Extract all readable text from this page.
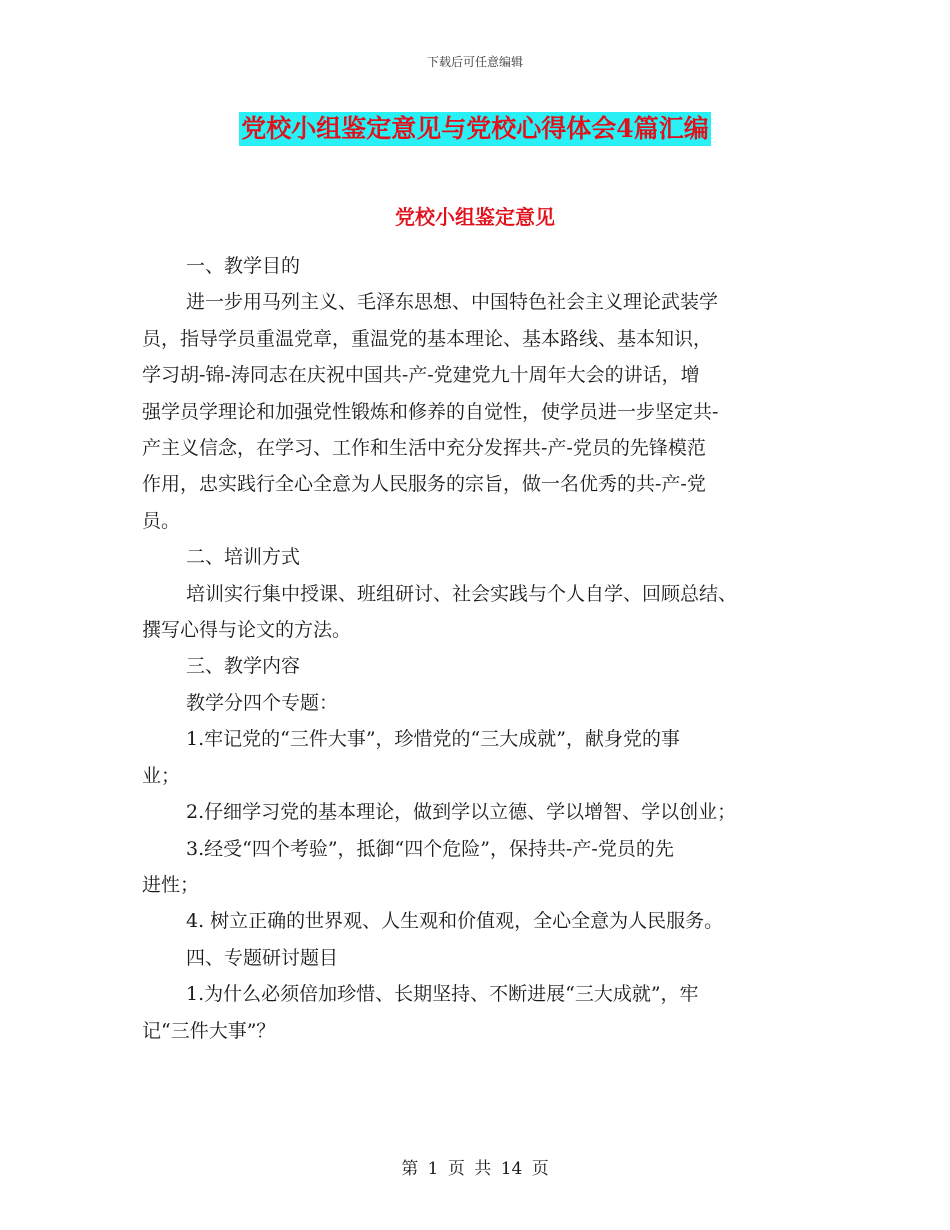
下载后可任意编辑
党校小组鉴定意见与党校心得体会4篇汇编
党校小组鉴定意见

一、教学目的

进一步用马列主义、毛泽东思想、中国特色社会主义理论武装学

员，指导学员重温党章，重温党的基本理论、基本路线、基本知识，

学习胡-锦-涛同志在庆祝中国共-产-党建党九十周年大会的讲话，增

强学员学理论和加强党性锻炼和修养的自觉性，使学员进一步坚定共-

产主义信念，在学习、工作和生活中充分发挥共-产-党员的先锋模范

作用，忠实践行全心全意为人民服务的宗旨，做一名优秀的共-产-党

员。

二、培训方式

培训实行集中授课、班组研讨、社会实践与个人自学、回顾总结、

撰写心得与论文的方法。

三、教学内容

教学分四个专题：

1.牢记党的“三件大事”，珍惜党的“三大成就”，献身党的事

业；

2.仔细学习党的基本理论，做到学以立德、学以增智、学以创业；

3.经受“四个考验”，抵御“四个危险”，保持共-产-党员的先

进性；

4. 树立正确的世界观、人生观和价值观，全心全意为人民服务。

四、专题研讨题目

1.为什么必须倍加珍惜、长期坚持、不断进展“三大成就”，牢

记“三件大事”？

第 1 页 共 14 页
